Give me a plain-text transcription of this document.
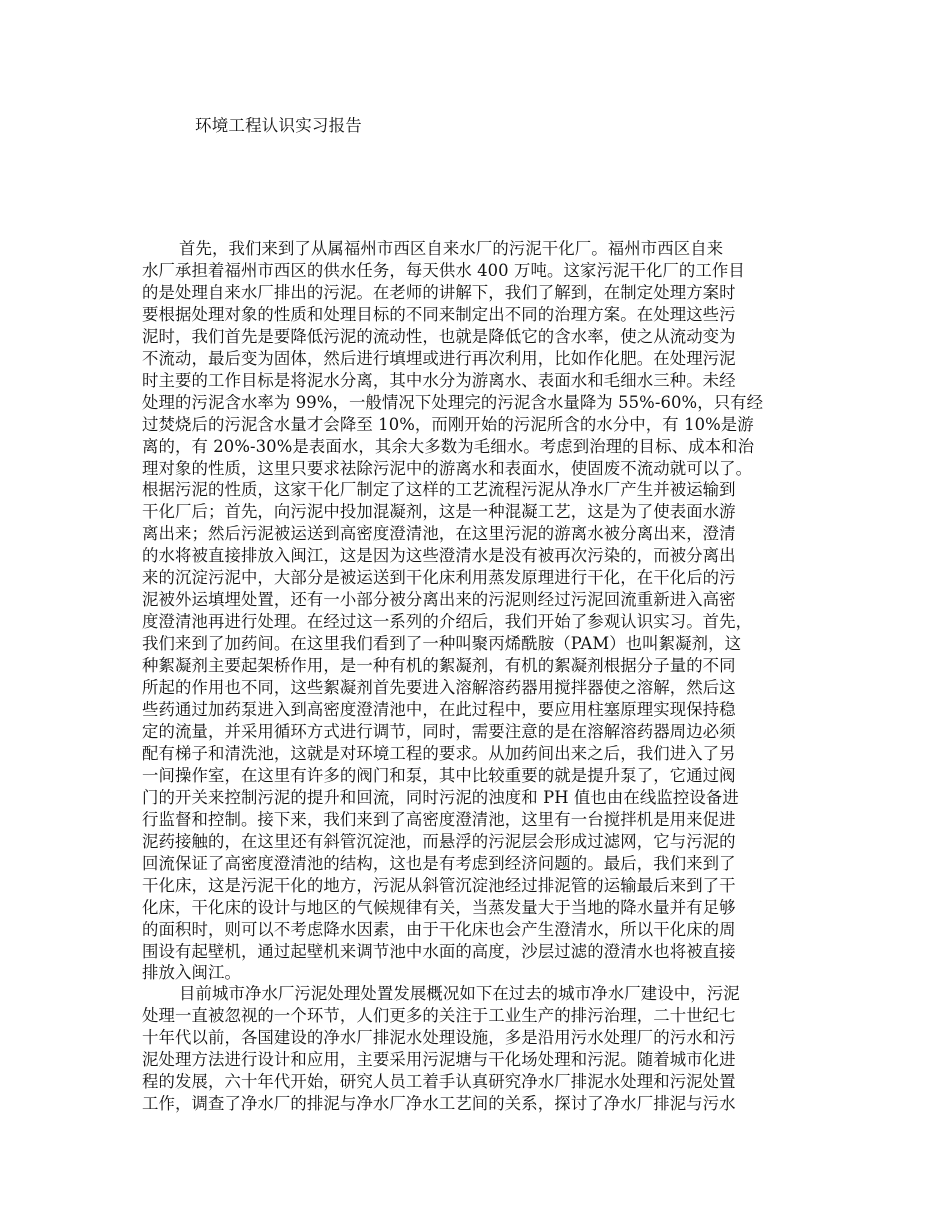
环境工程认识实习报告
首先，我们来到了从属福州市西区自来水厂的污泥干化厂。福州市西区自来
水厂承担着福州市西区的供水任务，每天供水 400 万吨。这家污泥干化厂的工作目
的是处理自来水厂排出的污泥。在老师的讲解下，我们了解到，在制定处理方案时
要根据处理对象的性质和处理目标的不同来制定出不同的治理方案。在处理这些污
泥时，我们首先是要降低污泥的流动性，也就是降低它的含水率，使之从流动变为
不流动，最后变为固体，然后进行填埋或进行再次利用，比如作化肥。在处理污泥
时主要的工作目标是将泥水分离，其中水分为游离水、表面水和毛细水三种。未经
处理的污泥含水率为 99%，一般情况下处理完的污泥含水量降为 55%-60%，只有经
过焚烧后的污泥含水量才会降至 10%，而刚开始的污泥所含的水分中，有 10%是游
离的，有 20%-30%是表面水，其余大多数为毛细水。考虑到治理的目标、成本和治
理对象的性质，这里只要求祛除污泥中的游离水和表面水，使固废不流动就可以了。
根据污泥的性质，这家干化厂制定了这样的工艺流程污泥从净水厂产生并被运输到
干化厂后；首先，向污泥中投加混凝剂，这是一种混凝工艺，这是为了使表面水游
离出来；然后污泥被运送到高密度澄清池，在这里污泥的游离水被分离出来，澄清
的水将被直接排放入闽江，这是因为这些澄清水是没有被再次污染的，而被分离出
来的沉淀污泥中，大部分是被运送到干化床利用蒸发原理进行干化，在干化后的污
泥被外运填埋处置，还有一小部分被分离出来的污泥则经过污泥回流重新进入高密
度澄清池再进行处理。在经过这一系列的介绍后，我们开始了参观认识实习。首先，
我们来到了加药间。在这里我们看到了一种叫聚丙烯酰胺（PAM）也叫絮凝剂，这
种絮凝剂主要起架桥作用，是一种有机的絮凝剂，有机的絮凝剂根据分子量的不同
所起的作用也不同，这些絮凝剂首先要进入溶解溶药器用搅拌器使之溶解，然后这
些药通过加药泵进入到高密度澄清池中，在此过程中，要应用柱塞原理实现保持稳
定的流量，并采用循环方式进行调节，同时，需要注意的是在溶解溶药器周边必须
配有梯子和清洗池，这就是对环境工程的要求。从加药间出来之后，我们进入了另
一间操作室，在这里有许多的阀门和泵，其中比较重要的就是提升泵了，它通过阀
门的开关来控制污泥的提升和回流，同时污泥的浊度和 PH 值也由在线监控设备进
行监督和控制。接下来，我们来到了高密度澄清池，这里有一台搅拌机是用来促进
泥药接触的，在这里还有斜管沉淀池，而悬浮的污泥层会形成过滤网，它与污泥的
回流保证了高密度澄清池的结构，这也是有考虑到经济问题的。最后，我们来到了
干化床，这是污泥干化的地方，污泥从斜管沉淀池经过排泥管的运输最后来到了干
化床，干化床的设计与地区的气候规律有关，当蒸发量大于当地的降水量并有足够
的面积时，则可以不考虑降水因素，由于干化床也会产生澄清水，所以干化床的周
围设有起壁机，通过起壁机来调节池中水面的高度，沙层过滤的澄清水也将被直接
排放入闽江。
目前城市净水厂污泥处理处置发展概况如下在过去的城市净水厂建设中，污泥
处理一直被忽视的一个环节，人们更多的关注于工业生产的排污治理，二十世纪七
十年代以前，各国建设的净水厂排泥水处理设施，多是沿用污水处理厂的污水和污
泥处理方法进行设计和应用，主要采用污泥塘与干化场处理和污泥。随着城市化进
程的发展，六十年代开始，研究人员工着手认真研究净水厂排泥水处理和污泥处置
工作，调查了净水厂的排泥与净水厂净水工艺间的关系，探讨了净水厂排泥与污水
